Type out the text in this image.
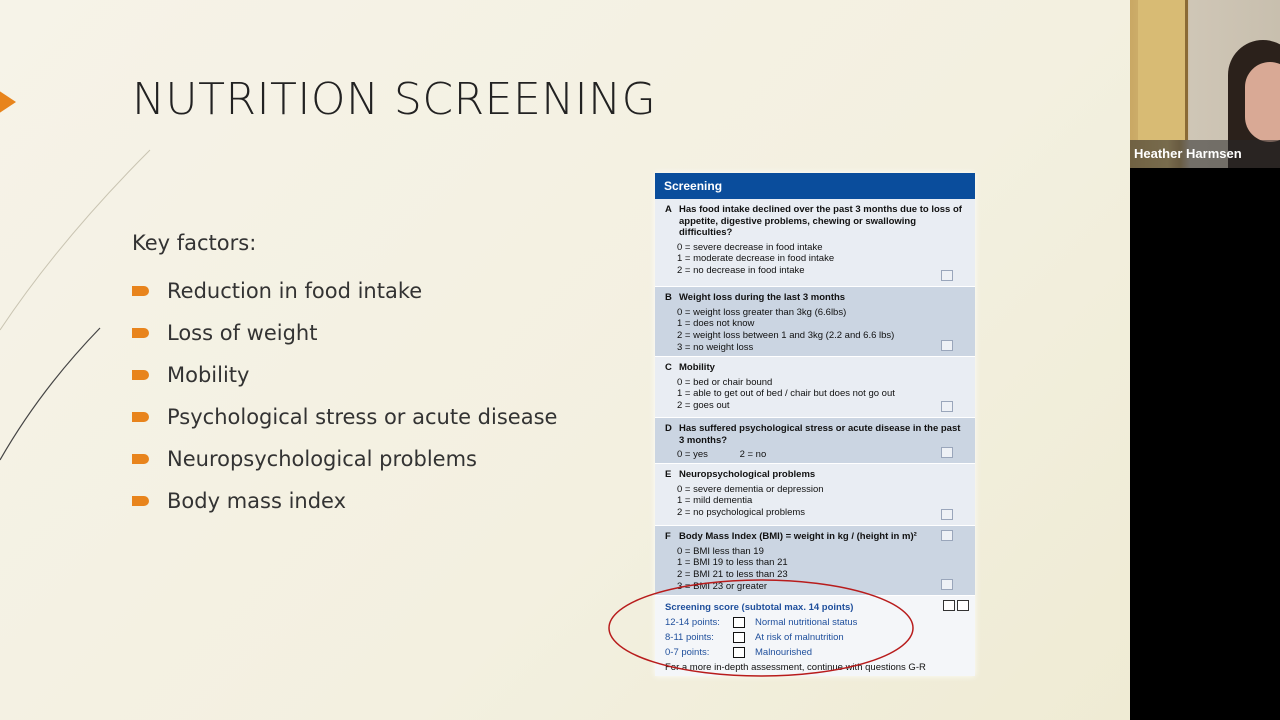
NUTRITION SCREENING
Key factors:
Reduction in food intake
Loss of weight
Mobility
Psychological stress or acute disease
Neuropsychological problems
Body mass index
Screening
A Has food intake declined over the past 3 months due to loss of appetite, digestive problems, chewing or swallowing difficulties?
0 = severe decrease in food intake
1 = moderate decrease in food intake
2 = no decrease in food intake
B Weight loss during the last 3 months
0 = weight loss greater than 3kg (6.6lbs)
1 = does not know
2 = weight loss between 1 and 3kg (2.2 and 6.6 lbs)
3 = no weight loss
C Mobility
0 = bed or chair bound
1 = able to get out of bed / chair but does not go out
2 = goes out
D Has suffered psychological stress or acute disease in the past 3 months?
0 = yes            2 = no
E Neuropsychological problems
0 = severe dementia or depression
1 = mild dementia
2 = no psychological problems
F Body Mass Index (BMI) = weight in kg / (height in m)²
0 = BMI less than 19
1 = BMI 19 to less than 21
2 = BMI 21 to less than 23
3 = BMI 23 or greater
Screening score (subtotal max. 14 points)
12-14 points:	Normal nutritional status
8-11 points:	At risk of malnutrition
0-7 points:	Malnourished
For a more in-depth assessment, continue with questions G-R
Heather Harmsen
